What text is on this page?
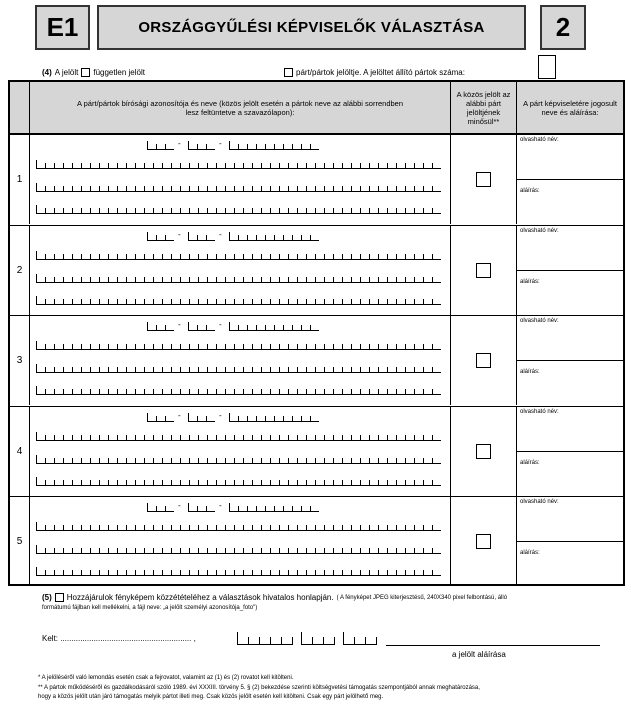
E1	ORSZÁGGYŰLÉSI KÉPVISELŐK VÁLASZTÁSA	2
(4) A jelölt független jelölt	párt/pártok jelöltje. A jelöltet állító pártok száma:
A párt/pártok bírósági azonosítója és neve (közös jelölt esetén a pártok neve az alábbi sorrendben lesz feltüntetve a szavazólapon):
A közös jelölt az alábbi párt jelöltjének minősül**
A párt képviseletére jogosult neve és aláírása:
1
-	-	olvasható név:
aláírás:
2
-	-	olvasható név:
aláírás:
3
-	-	olvasható név:
aláírás:
4
-	-	olvasható név:
aláírás:
5
-	-	olvasható név:
aláírás:
(5) Hozzájárulok fényképem közzétételéhez a választások hivatalos honlapján. ( A fényképet JPEG kiterjesztésű, 240X340 pixel felbontású, álló
formátumú fájlban kell mellékelni, a fájl neve: „a jelölt személyi azonosítója_foto")
Kelt: ........................................................... ,
a jelölt aláírása
* A jelöléséről való lemondás esetén csak a fejrovatot, valamint az (1) és (2) rovatot kell kitölteni.
** A pártok működéséről és gazdálkodásáról szóló 1989. évi XXXIII. törvény 5. § (2) bekezdése szerinti költségvetési támogatás szempontjából annak meghatározása,
hogy a közös jelölt után járó támogatás melyik pártot illeti meg. Csak közös jelölt esetén kell kitölteni. Csak egy párt jelölhető meg.
